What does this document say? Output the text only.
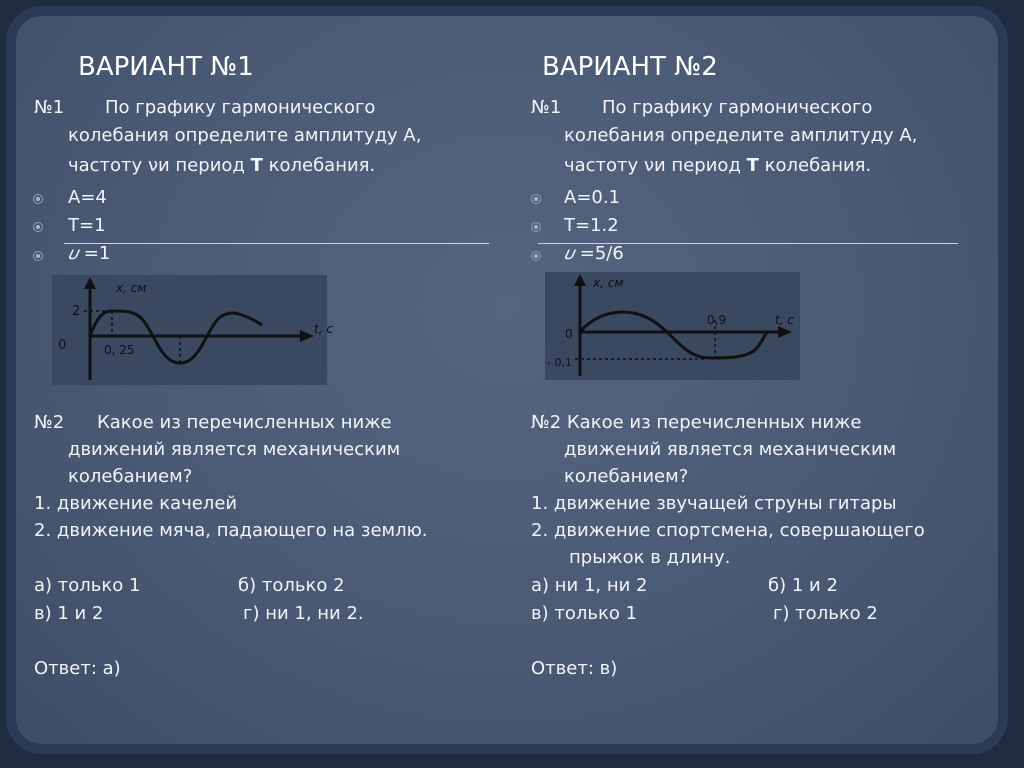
ВАРИАНТ №1
№1 По графику гармонического
колебания определите амплитуду А,
частоту νи период T колебания.
А=4
Т=1
𝜐 =1
x, см
t, с
2
0	0, 25
№2 Какое из перечисленных ниже
движений является механическим
колебанием?
1. движение качелей
2. движение мяча, падающего на землю.
а) только 1	б) только 2
в) 1 и 2	г) ни 1, ни 2.
Ответ: а)
ВАРИАНТ №2
№1 По графику гармонического
колебания определите амплитуду А,
частоту νи период T колебания.
А=0.1
Т=1.2
𝜐 =5/6
x, см
t, с
0,9
0
- 0,1
№2 Какое из перечисленных ниже
движений является механическим
колебанием?
1. движение звучащей струны гитары
2. движение спортсмена, совершающего
прыжок в длину.
а) ни 1, ни 2	б) 1 и 2
в) только 1	г) только 2
Ответ: в)
